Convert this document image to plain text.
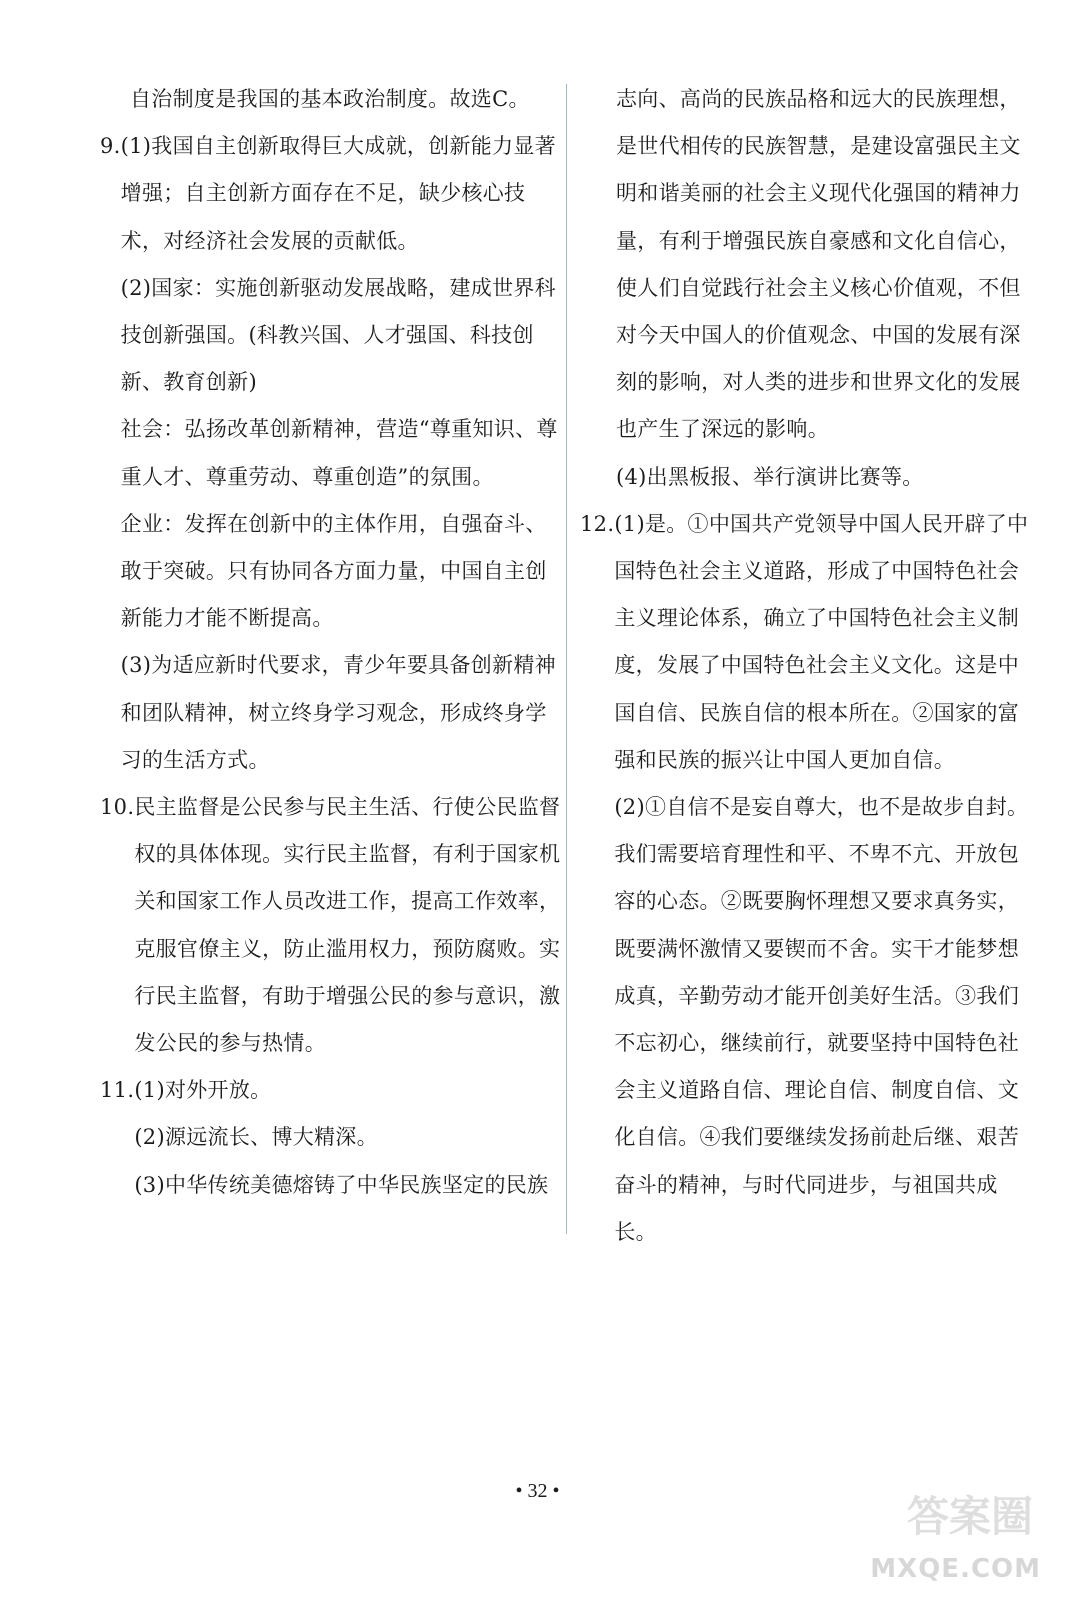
自治制度是我国的基本政治制度。故选C。

9. (1)我国自主创新取得巨大成就，创新能力显著增强；自主创新方面存在不足，缺少核心技术，对经济社会发展的贡献低。

(2)国家：实施创新驱动发展战略，建成世界科技创新强国。(科教兴国、人才强国、科技创新、教育创新)

社会：弘扬改革创新精神，营造“尊重知识、尊重人才、尊重劳动、尊重创造”的氛围。

企业：发挥在创新中的主体作用，自强奋斗、敢于突破。只有协同各方面力量，中国自主创新能力才能不断提高。

(3)为适应新时代要求，青少年要具备创新精神和团队精神，树立终身学习观念，形成终身学习的生活方式。

10. 民主监督是公民参与民主生活、行使公民监督权的具体体现。实行民主监督，有利于国家机关和国家工作人员改进工作，提高工作效率，克服官僚主义，防止滥用权力，预防腐败。实行民主监督，有助于增强公民的参与意识，激发公民的参与热情。

11. (1)对外开放。

(2)源远流长、博大精深。

(3)中华传统美德熔铸了中华民族坚定的民族

志向、高尚的民族品格和远大的民族理想，是世代相传的民族智慧，是建设富强民主文明和谐美丽的社会主义现代化强国的精神力量，有利于增强民族自豪感和文化自信心，使人们自觉践行社会主义核心价值观，不但对今天中国人的价值观念、中国的发展有深刻的影响，对人类的进步和世界文化的发展也产生了深远的影响。

(4)出黑板报、举行演讲比赛等。

12. (1)是。①中国共产党领导中国人民开辟了中国特色社会主义道路，形成了中国特色社会主义理论体系，确立了中国特色社会主义制度，发展了中国特色社会主义文化。这是中国自信、民族自信的根本所在。②国家的富强和民族的振兴让中国人更加自信。

(2)①自信不是妄自尊大，也不是故步自封。我们需要培育理性和平、不卑不亢、开放包容的心态。②既要胸怀理想又要求真务实，既要满怀激情又要锲而不舍。实干才能梦想成真，辛勤劳动才能开创美好生活。③我们不忘初心，继续前行，就要坚持中国特色社会主义道路自信、理论自信、制度自信、文化自信。④我们要继续发扬前赴后继、艰苦奋斗的精神，与时代同进步，与祖国共成长。

• 32 •
答案圈
MXQE.COM
